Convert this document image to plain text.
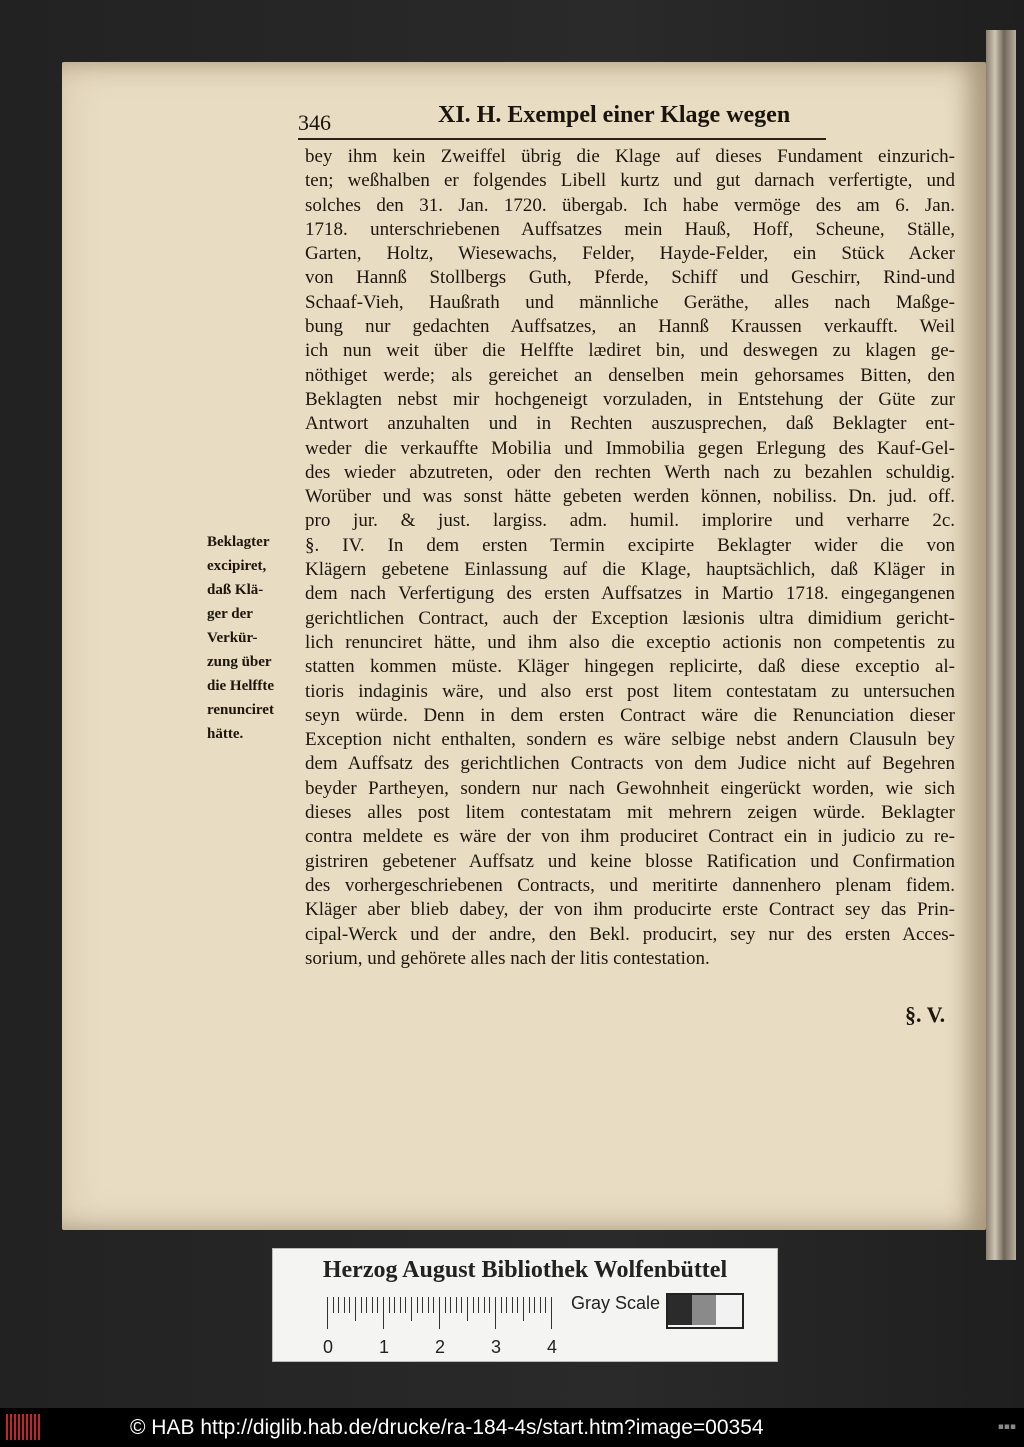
346	XI. H. Exempel einer Klage wegen
bey ihm kein Zweiffel übrig die Klage auf dieses Fundament einzurich-
ten; weßhalben er folgendes Libell kurtz und gut darnach verfertigte, und
solches den 31. Jan. 1720. übergab. Ich habe vermöge des am 6. Jan.
1718. unterschriebenen Auffsatzes mein Hauß, Hoff, Scheune, Ställe,
Garten, Holtz, Wiesewachs, Felder, Hayde-Felder, ein Stück Acker
von Hannß Stollbergs Guth, Pferde, Schiff und Geschirr, Rind-und
Schaaf-Vieh, Haußrath und männliche Geräthe, alles nach Maßge-
bung nur gedachten Auffsatzes, an Hannß Kraussen verkaufft. Weil
ich nun weit über die Helffte lædiret bin, und deswegen zu klagen ge-
nöthiget werde; als gereichet an denselben mein gehorsames Bitten, den
Beklagten nebst mir hochgeneigt vorzuladen, in Entstehung der Güte zur
Antwort anzuhalten und in Rechten auszusprechen, daß Beklagter ent-
weder die verkauffte Mobilia und Immobilia gegen Erlegung des Kauf-Gel-
des wieder abzutreten, oder den rechten Werth nach zu bezahlen schuldig.
Worüber und was sonst hätte gebeten werden können, nobiliss. Dn. jud. off.
pro jur. & just. largiss. adm. humil. implorire und verharre 2c.
§. IV. In dem ersten Termin excipirte Beklagter wider die von
Klägern gebetene Einlassung auf die Klage, hauptsächlich, daß Kläger in
dem nach Verfertigung des ersten Auffsatzes in Martio 1718. eingegangenen
gerichtlichen Contract, auch der Exception læsionis ultra dimidium gericht-
lich renunciret hätte, und ihm also die exceptio actionis non competentis zu
statten kommen müste. Kläger hingegen replicirte, daß diese exceptio al-
tioris indaginis wäre, und also erst post litem contestatam zu untersuchen
seyn würde. Denn in dem ersten Contract wäre die Renunciation dieser
Exception nicht enthalten, sondern es wäre selbige nebst andern Clausuln bey
dem Auffsatz des gerichtlichen Contracts von dem Judice nicht auf Begehren
beyder Partheyen, sondern nur nach Gewohnheit eingerückt worden, wie sich
dieses alles post litem contestatam mit mehrern zeigen würde. Beklagter
contra meldete es wäre der von ihm produciret Contract ein in judicio zu re-
gistriren gebetener Auffsatz und keine blosse Ratification und Confirmation
des vorhergeschriebenen Contracts, und meritirte dannenhero plenam fidem.
Kläger aber blieb dabey, der von ihm producirte erste Contract sey das Prin-
cipal-Werck und der andre, den Bekl. producirt, sey nur des ersten Acces-
sorium, und gehörete alles nach der litis contestation.
Beklagter
excipiret,
daß Klä-
ger der
Verkür-
zung über
die Helffte
renunciret
hätte.
§. V.
Herzog August Bibliothek Wolfenbüttel
0	1	2	3	4
Gray Scale
© HAB http://diglib.hab.de/drucke/ra-184-4s/start.htm?image=00354	▪▪▪
